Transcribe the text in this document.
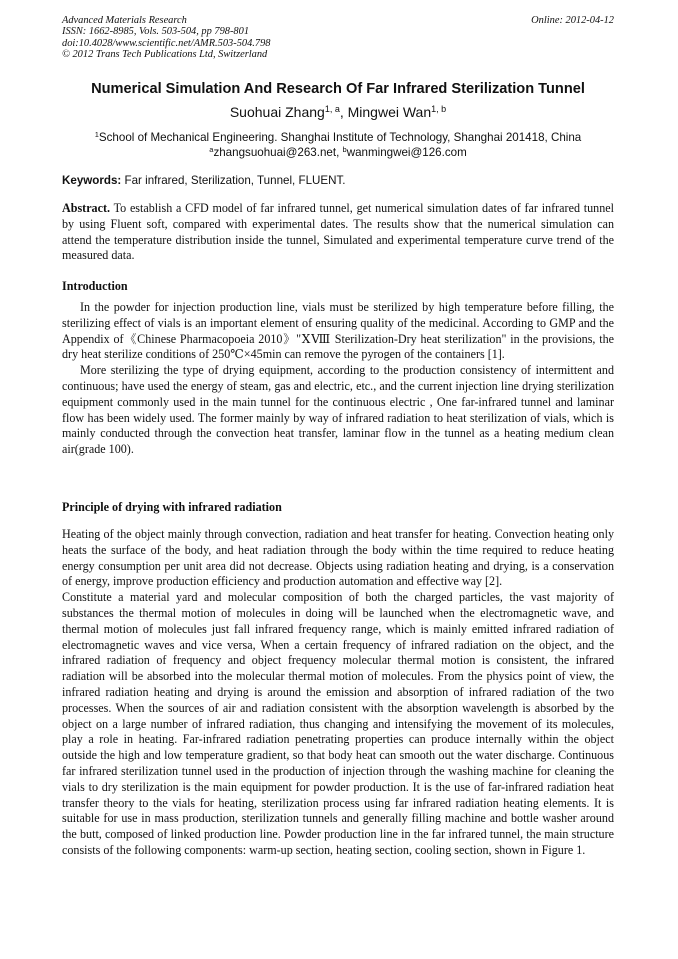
Advanced Materials Research
ISSN: 1662-8985, Vols. 503-504, pp 798-801
doi:10.4028/www.scientific.net/AMR.503-504.798
© 2012 Trans Tech Publications Ltd, Switzerland
Online: 2012-04-12
Numerical Simulation And Research Of Far Infrared Sterilization Tunnel
Suohuai Zhang$^{1, a}$, Mingwei Wan$^{1, b}$
$^1$School of Mechanical Engineering. Shanghai Institute of Technology, Shanghai 201418, China
$^a$zhangsuohuai@263.net, $^b$wanmingwei@126.com
Keywords: Far infrared, Sterilization, Tunnel, FLUENT.

Abstract. To establish a CFD model of far infrared tunnel, get numerical simulation dates of far infrared tunnel by using Fluent soft, compared with experimental dates. The results show that the numerical simulation can attend the temperature distribution inside the tunnel, Simulated and experimental temperature curve trend of the measured data.

Introduction

In the powder for injection production line, vials must be sterilized by high temperature before filling, the sterilizing effect of vials is an important element of ensuring quality of the medicinal. According to GMP and the Appendix of《Chinese Pharmacopoeia 2010》"ⅩⅧ Sterilization-Dry heat sterilization" in the provisions, the dry heat sterilize conditions of 250℃×45min can remove the pyrogen of the containers [1].

More sterilizing the type of drying equipment, according to the production consistency of intermittent and continuous; have used the energy of steam, gas and electric, etc., and the current injection line drying sterilization equipment commonly used in the main tunnel for the continuous electric , One far-infrared tunnel and laminar flow has been widely used. The former mainly by way of infrared radiation to heat sterilization of vials, which is mainly conducted through the convection heat transfer, laminar flow in the tunnel as a heating medium clean air(grade 100).

Principle of drying with infrared radiation

Heating of the object mainly through convection, radiation and heat transfer for heating. Convection heating only heats the surface of the body, and heat radiation through the body within the time required to reduce heating energy consumption per unit area did not decrease. Objects using radiation heating and drying, is a conservation of energy, improve production efficiency and production automation and effective way [2].

Constitute a material yard and molecular composition of both the charged particles, the vast majority of substances the thermal motion of molecules in doing will be launched when the electromagnetic wave, and thermal motion of molecules just fall infrared frequency range, which is mainly emitted infrared radiation of electromagnetic waves and vice versa, When a certain frequency of infrared radiation on the object, and the infrared radiation of frequency and object frequency molecular thermal motion is consistent, the infrared radiation will be absorbed into the molecular thermal motion of molecules. From the physics point of view, the infrared radiation heating and drying is around the emission and absorption of infrared radiation of the two processes. When the sources of air and radiation consistent with the absorption wavelength is absorbed by the object on a large number of infrared radiation, thus changing and intensifying the movement of its molecules, play a role in heating. Far-infrared radiation penetrating properties can produce internally within the object outside the high and low temperature gradient, so that body heat can smooth out the water discharge. Continuous far infrared sterilization tunnel used in the production of injection through the washing machine for cleaning the vials to dry sterilization is the main equipment for powder production. It is the use of far-infrared radiation heat transfer theory to the vials for heating, sterilization process using far infrared radiation heating elements. It is suitable for use in mass production, sterilization tunnels and generally filling machine and bottle washer around the butt, composed of linked production line. Powder production line in the far infrared tunnel, the main structure consists of the following components: warm-up section, heating section, cooling section, shown in Figure 1.
